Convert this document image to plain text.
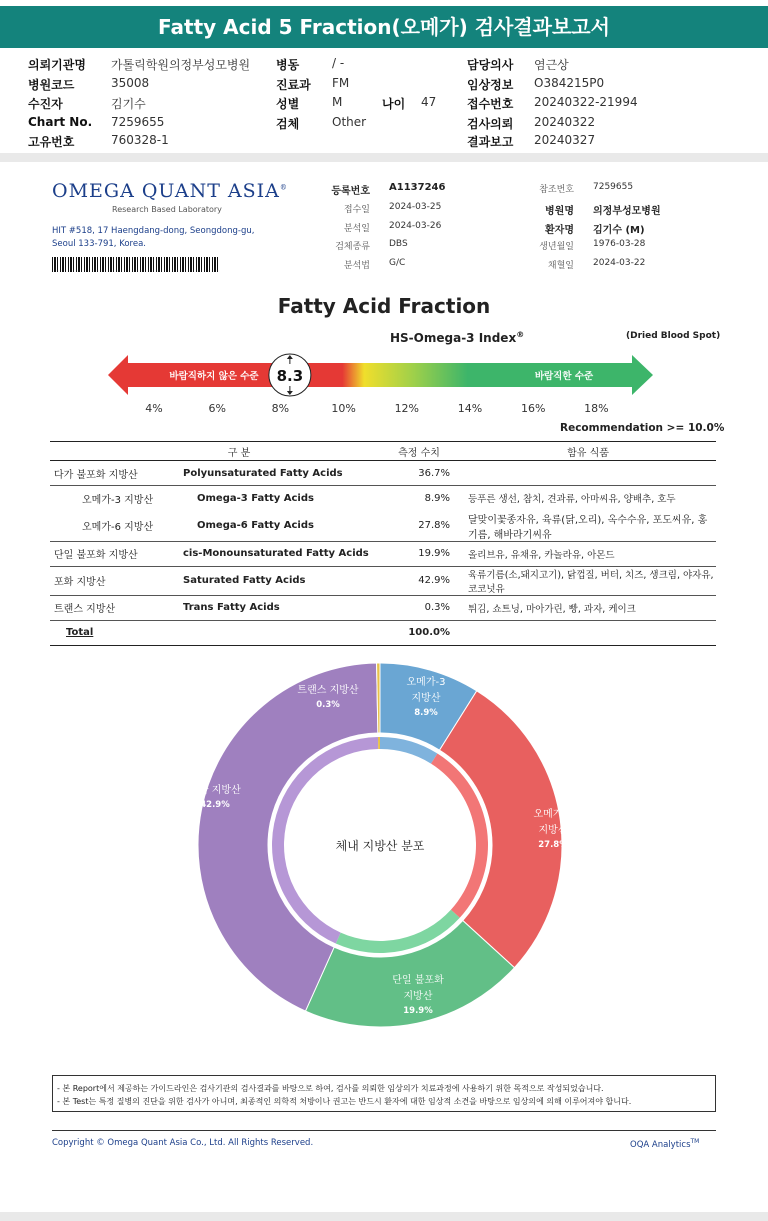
Fatty Acid 5 Fraction(오메가) 검사결과보고서
의뢰기관명 가톨릭학원의정부성모병원
병원코드	35008
수진자	김기수
Chart No. 7259655
고유번호	760328-1
병동	/ -
진료과 FM
성별	M
검체	Other
나이 47
담당의사 염근상
임상정보 O384215P0
접수번호 20240322-21994
검사의뢰 20240322
결과보고 20240327
OMEGA QUANT ASIA®
Research Based Laboratory
HIT #518, 17 Haengdang-dong, Seongdong-gu,
Seoul 133-791, Korea.
등록번호 A1137246
접수일 2024-03-25
분석일 2024-03-26
검체종류 DBS
분석법 G/C
참조번호 7259655
병원명 의정부성모병원
환자명 김기수 (M)
생년월일 1976-03-28
채혈일 2024-03-22
Fatty Acid Fraction
HS-Omega-3 Index®	(Dried Blood Spot)
바람직하지 않은 수준	바람직한 수준
8.3
4%	6%	8%	10%	12%	14%	16%	18%
Recommendation >= 10.0%
구 분		측정 수치	함유 식품
다가 불포화 지방산	Polyunsaturated Fatty Acids	36.7%	
오메가-3 지방산	Omega-3 Fatty Acids	8.9%	등푸른 생선, 참치, 견과류, 아마씨유, 양배추, 호두
오메가-6 지방산	Omega-6 Fatty Acids	27.8%	달맞이꽃종자유, 육류(닭,오리), 옥수수유, 포도씨유, 홍기름, 해바라기씨유
단일 불포화 지방산	cis-Monounsaturated Fatty Acids	19.9%	올리브유, 유채유, 카놀라유, 아몬드
포화 지방산	Saturated Fatty Acids	42.9%	육류기름(소,돼지고기), 닭껍질, 버터, 치즈, 생크림, 야자유, 코코넛유
트랜스 지방산	Trans Fatty Acids	0.3%	튀김, 쇼트닝, 마아가린, 빵, 과자, 케이크
Total		100.0%	
오메가-3
지방산
8.9%
오메가-6
지방산
27.8%
단일 불포화
지방산
19.9%
포화 지방산
42.9%
트랜스 지방산
0.3%
체내 지방산 분포
- 본 Report에서 제공하는 가이드라인은 검사기관의 검사결과를 바탕으로 하여, 검사를 의뢰한 임상의가 치료과정에 사용하기 위한 목적으로 작성되었습니다.
- 본 Test는 특정 질병의 진단을 위한 검사가 아니며, 최종적인 의학적 처방이나 권고는 반드시 환자에 대한 임상적 소견을 바탕으로 임상의에 의해 이루어져야 합니다.
Copyright © Omega Quant Asia Co., Ltd. All Rights Reserved.	OQA Analytics™
